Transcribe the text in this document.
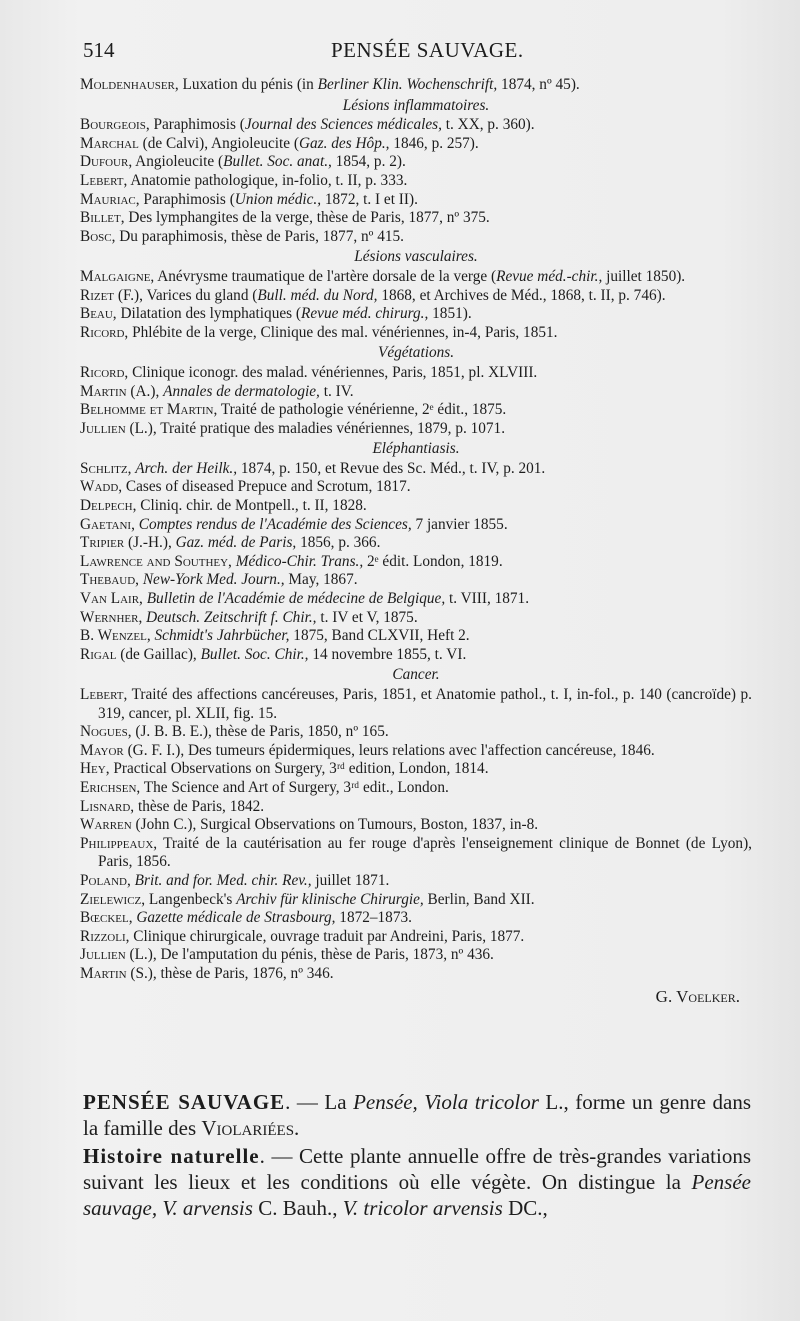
514	PENSÉE SAUVAGE.
Moldenhauser, Luxation du pénis (in Berliner Klin. Wochenschrift, 1874, nº 45).
Lésions inflammatoires.
Bourgeois, Paraphimosis (Journal des Sciences médicales, t. XX, p. 360).
Marchal (de Calvi), Angioleucite (Gaz. des Hôp., 1846, p. 257).
Dufour, Angioleucite (Bullet. Soc. anat., 1854, p. 2).
Lebert, Anatomie pathologique, in-folio, t. II, p. 333.
Mauriac, Paraphimosis (Union médic., 1872, t. I et II).
Billet, Des lymphangites de la verge, thèse de Paris, 1877, nº 375.
Bosc, Du paraphimosis, thèse de Paris, 1877, nº 415.
Lésions vasculaires.
Malgaigne, Anévrysme traumatique de l'artère dorsale de la verge (Revue méd.-chir., juillet 1850).
Rizet (F.), Varices du gland (Bull. méd. du Nord, 1868, et Archives de Méd., 1868, t. II, p. 746).
Beau, Dilatation des lymphatiques (Revue méd. chirurg., 1851).
Ricord, Phlébite de la verge, Clinique des mal. vénériennes, in-4, Paris, 1851.
Végétations.
Ricord, Clinique iconogr. des malad. vénériennes, Paris, 1851, pl. XLVIII.
Martin (A.), Annales de dermatologie, t. IV.
Belhomme et Martin, Traité de pathologie vénérienne, 2ᵉ édit., 1875.
Jullien (L.), Traité pratique des maladies vénériennes, 1879, p. 1071.
Eléphantiasis.
Schlitz, Arch. der Heilk., 1874, p. 150, et Revue des Sc. Méd., t. IV, p. 201.
Wadd, Cases of diseased Prepuce and Scrotum, 1817.
Delpech, Cliniq. chir. de Montpell., t. II, 1828.
Gaetani, Comptes rendus de l'Académie des Sciences, 7 janvier 1855.
Tripier (J.-H.), Gaz. méd. de Paris, 1856, p. 366.
Lawrence and Southey, Médico-Chir. Trans., 2ᵉ édit. London, 1819.
Thebaud, New-York Med. Journ., May, 1867.
Van Lair, Bulletin de l'Académie de médecine de Belgique, t. VIII, 1871.
Wernher, Deutsch. Zeitschrift f. Chir., t. IV et V, 1875.
B. Wenzel, Schmidt's Jahrbücher, 1875, Band CLXVII, Heft 2.
Rigal (de Gaillac), Bullet. Soc. Chir., 14 novembre 1855, t. VI.
Cancer.
Lebert, Traité des affections cancéreuses, Paris, 1851, et Anatomie pathol., t. I, in-fol., p. 140 (cancroïde) p. 319, cancer, pl. XLII, fig. 15.
Nogues, (J. B. B. E.), thèse de Paris, 1850, nº 165.
Mayor (G. F. I.), Des tumeurs épidermiques, leurs relations avec l'affection cancéreuse, 1846.
Hey, Practical Observations on Surgery, 3ʳᵈ edition, London, 1814.
Erichsen, The Science and Art of Surgery, 3ʳᵈ edit., London.
Lisnard, thèse de Paris, 1842.
Warren (John C.), Surgical Observations on Tumours, Boston, 1837, in-8.
Philippeaux, Traité de la cautérisation au fer rouge d'après l'enseignement clinique de Bonnet (de Lyon), Paris, 1856.
Poland, Brit. and for. Med. chir. Rev., juillet 1871.
Zielewicz, Langenbeck's Archiv für klinische Chirurgie, Berlin, Band XII.
Bœckel, Gazette médicale de Strasbourg, 1872–1873.
Rizzoli, Clinique chirurgicale, ouvrage traduit par Andreini, Paris, 1877.
Jullien (L.), De l'amputation du pénis, thèse de Paris, 1873, nº 436.
Martin (S.), thèse de Paris, 1876, nº 346.
G. Voelker.

PENSÉE SAUVAGE. — La Pensée, Viola tricolor L., forme un genre dans la famille des Violariées.

Histoire naturelle. — Cette plante annuelle offre de très-grandes variations suivant les lieux et les conditions où elle végète. On distingue la Pensée sauvage, V. arvensis C. Bauh., V. tricolor arvensis DC.,
